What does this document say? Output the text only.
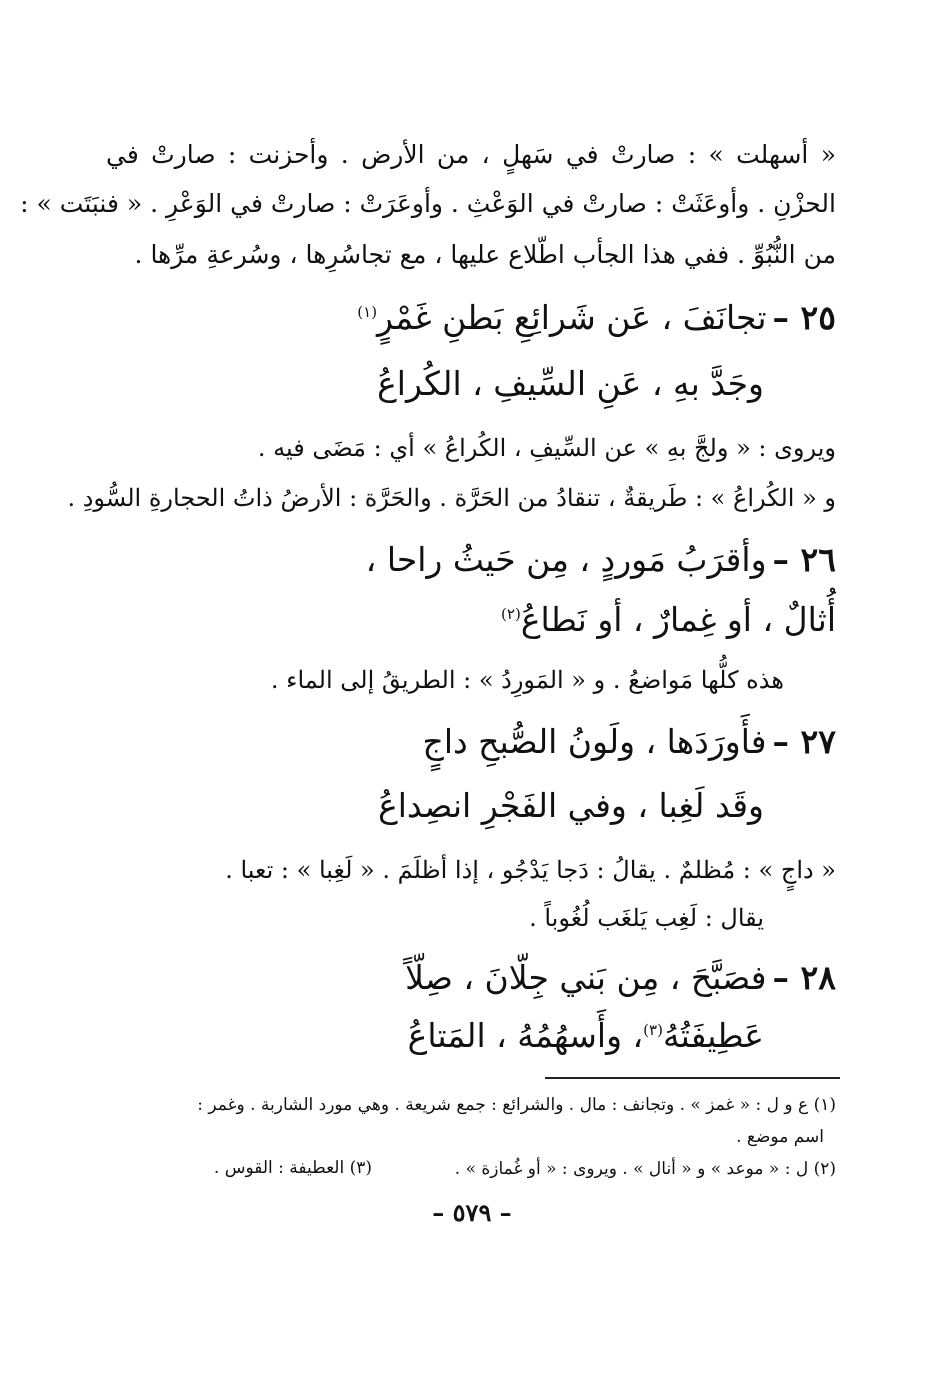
« أسهلت » : صارتْ في سَهلٍ ، من الأرض . وأحزنت : صارتْ في
الحزْنِ . وأوعَثَتْ : صارتْ في الوَعْثِ . وأوعَرَتْ : صارتْ في الوَعْرِ . « فنبَتَت » :
من النُّبُوِّ . ففي هذا الجأب اطّلاع عليها ، مع تجاسُرِها ، وسُرعةِ مرِّها .
٢٥ –تجانَفَ ، عَن شَرائِعِ بَطنِ غَمْرٍ$^{(١)}$
وجَدَّ بهِ ، عَنِ السِّيفِ ، الكُراعُ
ويروى : « ولجَّ بهِ » عن السِّيفِ ، الكُراعُ » أي : مَضَى فيه .
و « الكُراعُ » : طَريقةٌ ، تنقادُ من الحَرَّة . والحَرَّة : الأرضُ ذاتُ الحجارةِ السُّودِ .
٢٦ –وأقرَبُ مَوردٍ ، مِن حَيثُ راحا ،
أُثالٌ ، أو غِمارٌ ، أو نَطاعُ$^{(٢)}$
هذه كلُّها مَواضعُ . و « المَورِدُ » : الطريقُ إلى الماء .
٢٧ –فأَورَدَها ، ولَونُ الصُّبحِ داجٍ
وقَد لَغِبا ، وفي الفَجْرِ انصِداعُ
« داجٍ » : مُظلمٌ . يقالُ : دَجا يَدْجُو ، إذا أظلَمَ . « لَغِبا » : تعبا .
يقال : لَغِب يَلغَب لُغُوباً .
٢٨ –فصَبَّحَ ، مِن بَني جِلّانَ ، صِلّاً
عَطِيفَتُهُ$^{(٣)}$، وأَسهُمُهُ ، المَتاعُ
(١) ع و ل : « غمز » . وتجانف : مال . والشرائع : جمع شريعة . وهي مورد الشاربة . وغمر :
اسم موضع .
(٢) ل : « موعد » و « أنال » . ويروى : « أو غُمازة » .
(٣) العطيفة : القوس .
– ٥٧٩ –
